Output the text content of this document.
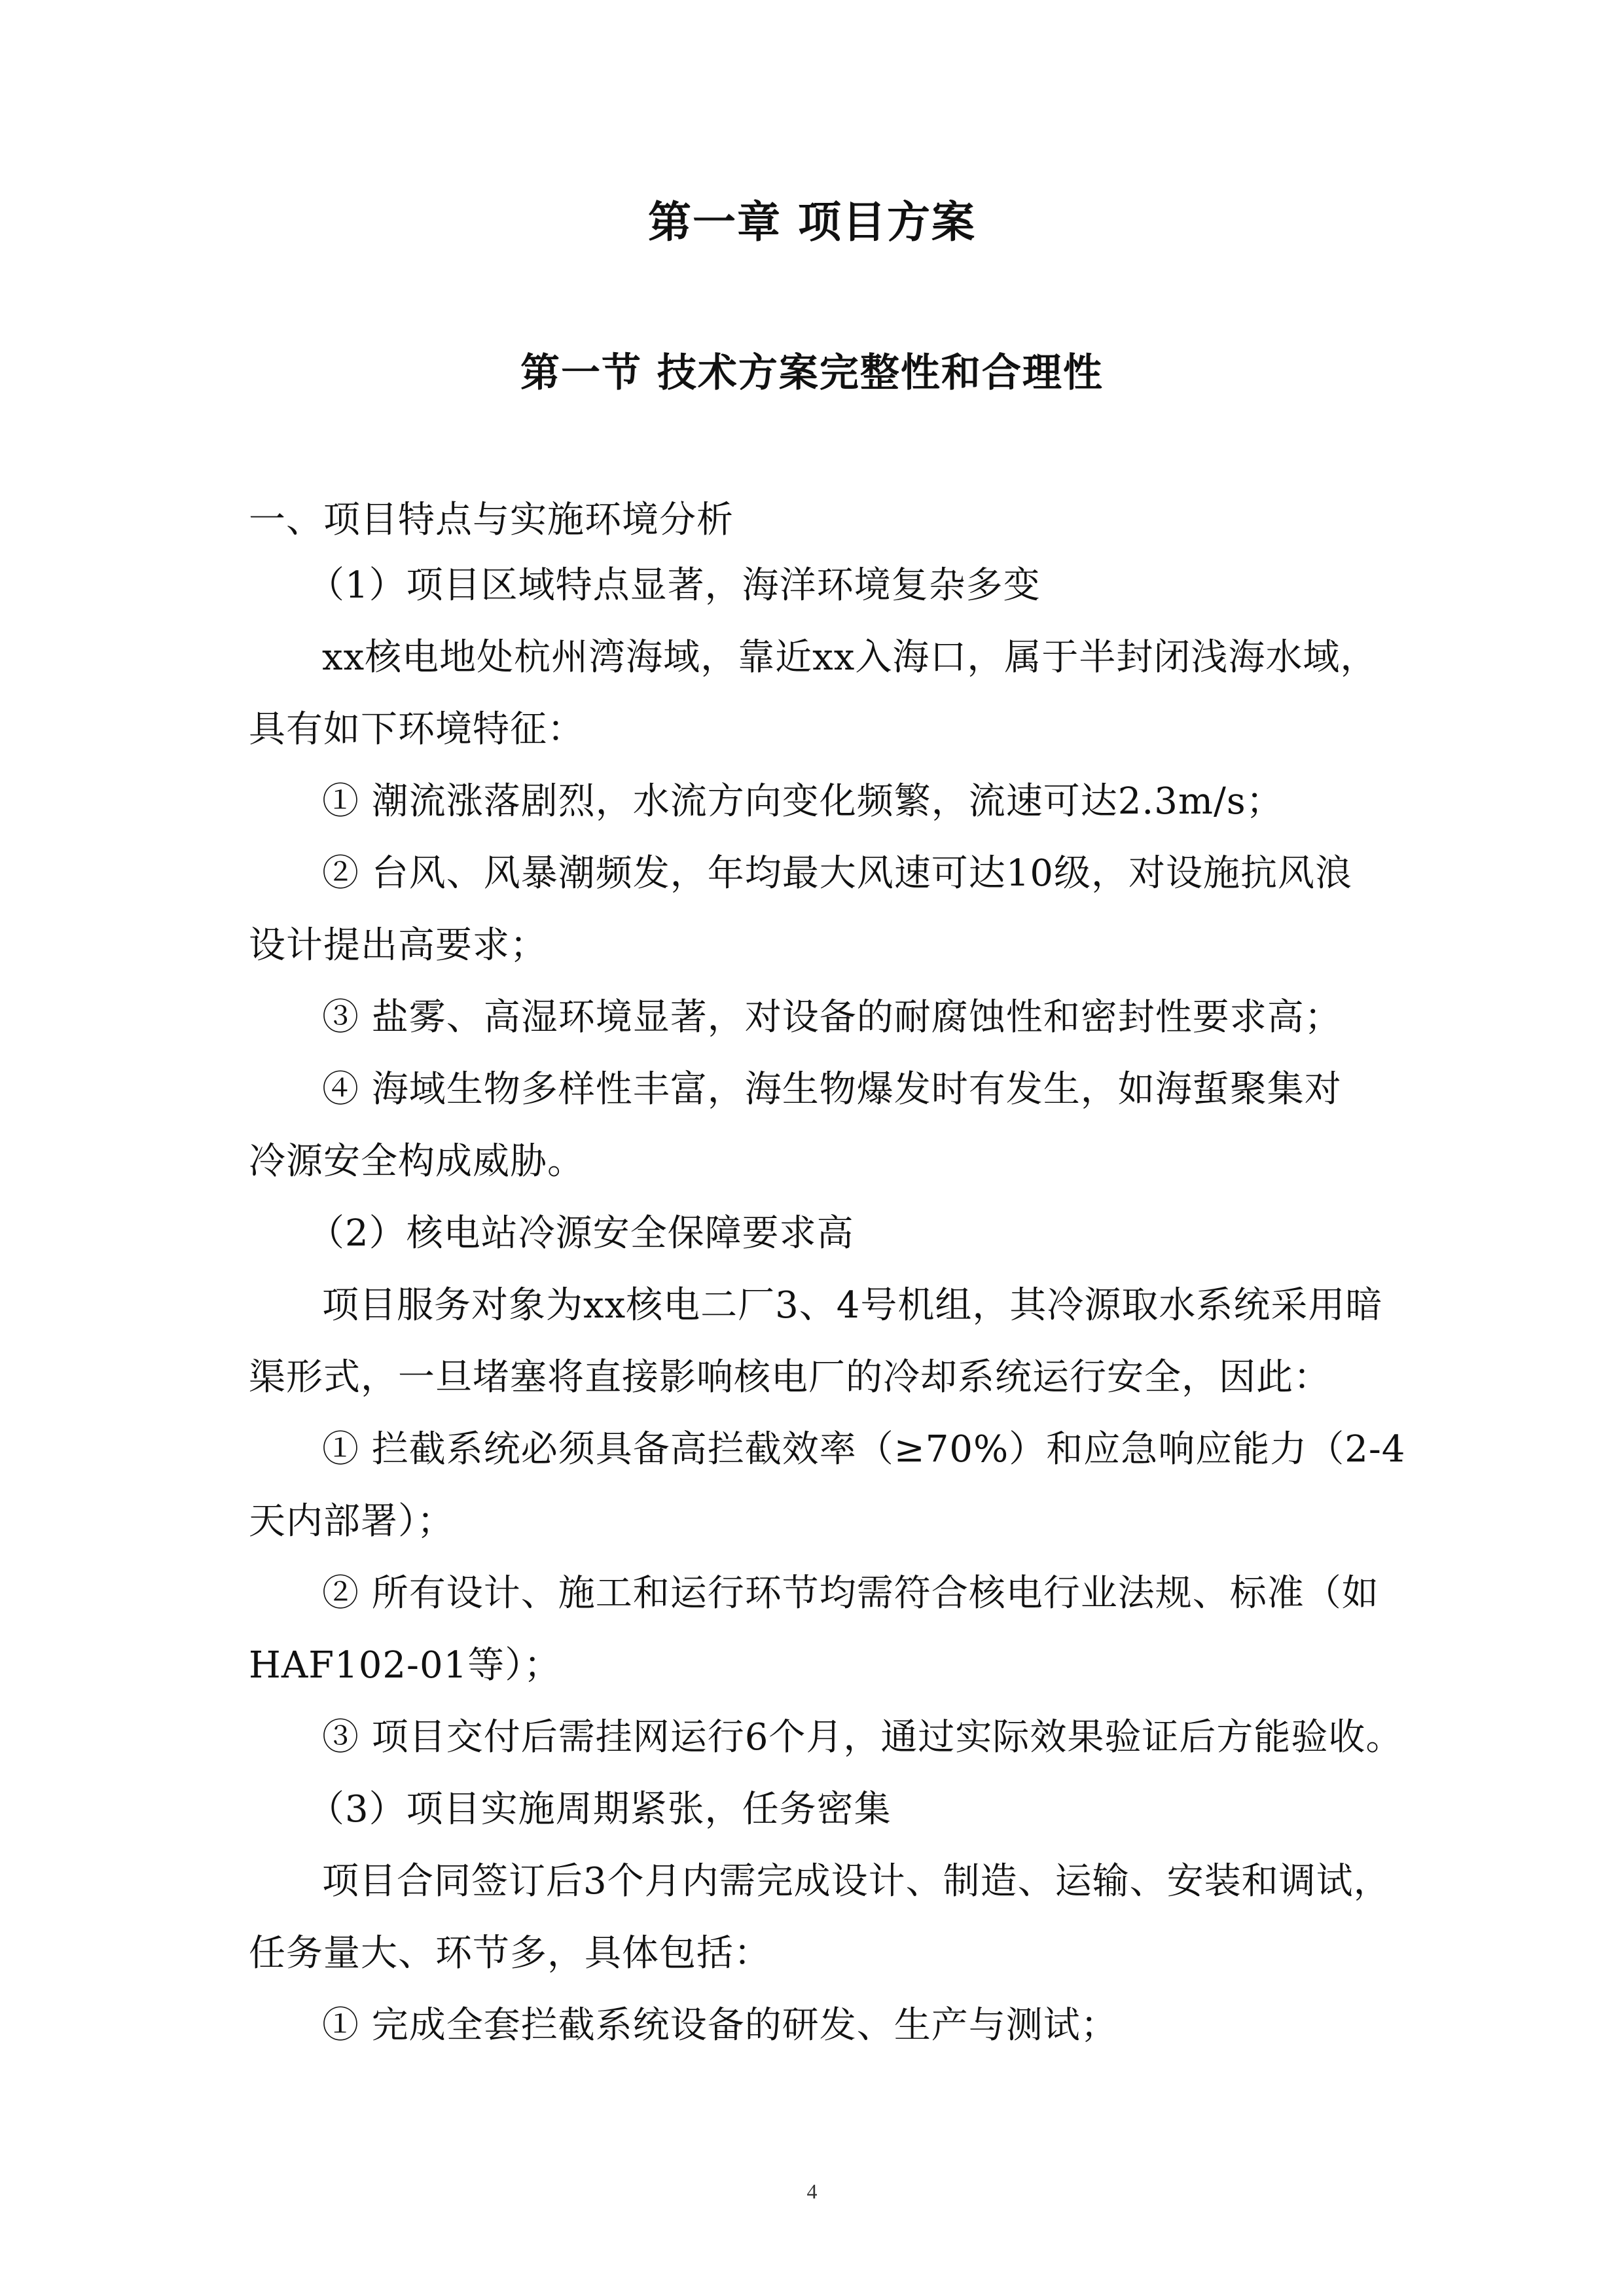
第一章 项目方案
第一节 技术方案完整性和合理性
一、项目特点与实施环境分析
（1）项目区域特点显著，海洋环境复杂多变
xx核电地处杭州湾海域，靠近xx入海口，属于半封闭浅海水域，
具有如下环境特征：
① 潮流涨落剧烈，水流方向变化频繁，流速可达2.3m/s；
② 台风、风暴潮频发，年均最大风速可达10级，对设施抗风浪
设计提出高要求；
③ 盐雾、高湿环境显著，对设备的耐腐蚀性和密封性要求高；
④ 海域生物多样性丰富，海生物爆发时有发生，如海蜇聚集对
冷源安全构成威胁。
（2）核电站冷源安全保障要求高
项目服务对象为xx核电二厂3、4号机组，其冷源取水系统采用暗
渠形式，一旦堵塞将直接影响核电厂的冷却系统运行安全，因此：
① 拦截系统必须具备高拦截效率（≥70%）和应急响应能力（2-4
天内部署）；
② 所有设计、施工和运行环节均需符合核电行业法规、标准（如
HAF102-01等）；
③ 项目交付后需挂网运行6个月，通过实际效果验证后方能验收。
（3）项目实施周期紧张，任务密集
项目合同签订后3个月内需完成设计、制造、运输、安装和调试，
任务量大、环节多，具体包括：
① 完成全套拦截系统设备的研发、生产与测试；
4
